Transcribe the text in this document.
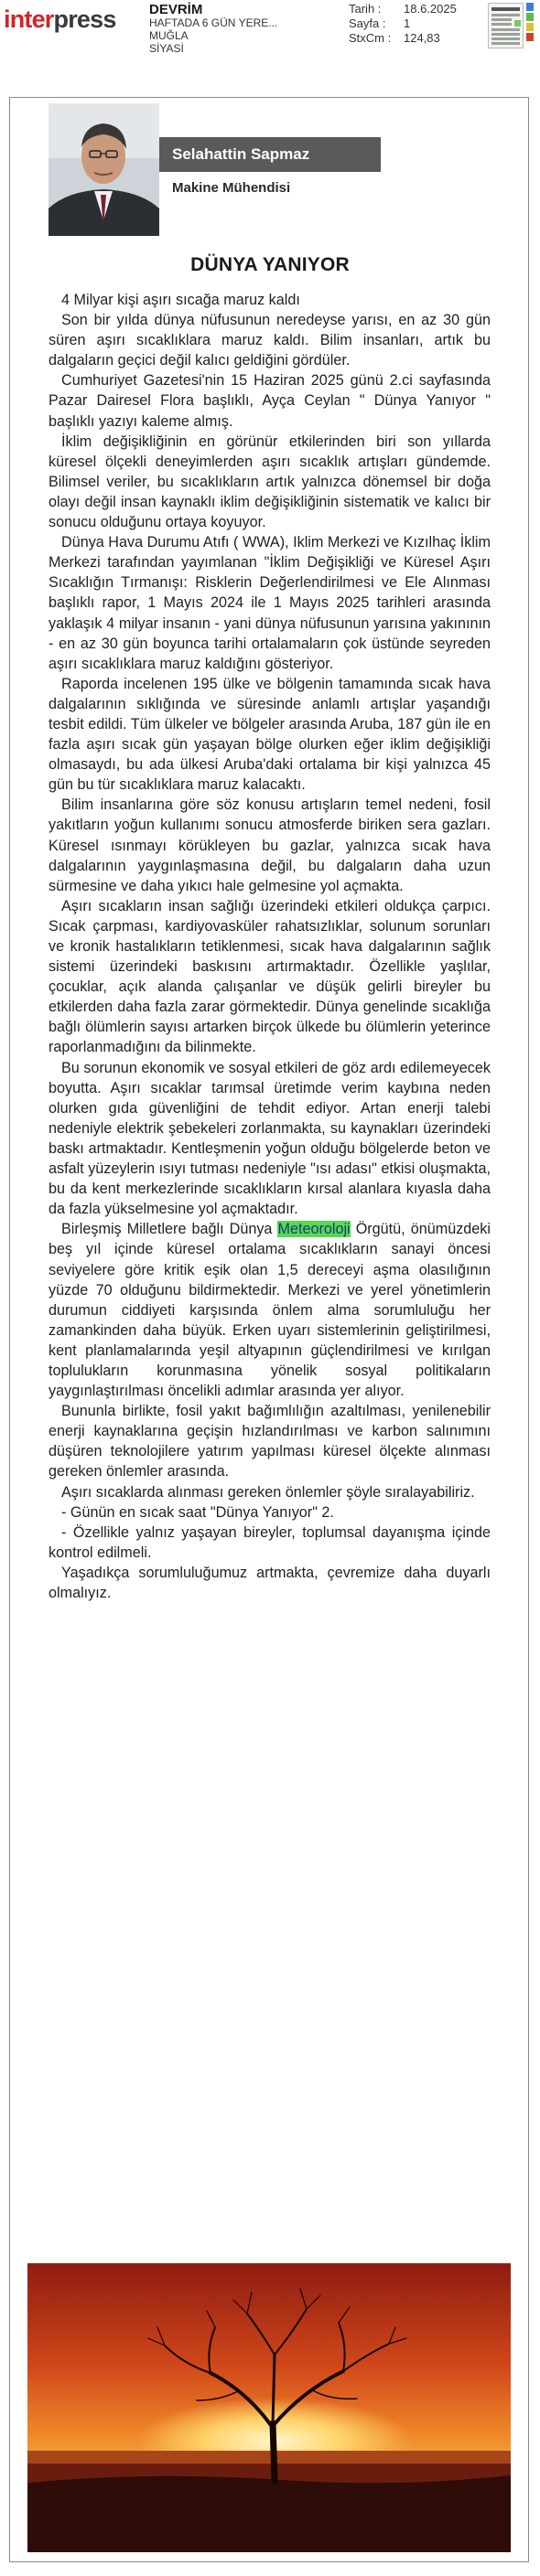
interpress DEVRİM
HAFTADA 6 GÜN YERE...
MUĞLA
SİYASİ
Tarih :	18.6.2025
Sayfa :	1
StxCm :	124,83
Selahattin Sapmaz
Makine Mühendisi
DÜNYA YANIYOR

4 Milyar kişi aşırı sıcağa maruz kaldı

Son bir yılda dünya nüfusunun neredeyse yarısı, en az 30 gün süren aşırı sıcaklıklara maruz kaldı. Bilim insanları, artık bu dalgaların geçici değil kalıcı geldiğini gördüler.

Cumhuriyet Gazetesi'nin 15 Haziran 2025 günü 2.ci sayfasında Pazar Dairesel Flora başlıklı, Ayça Ceylan " Dünya Yanıyor " başlıklı yazıyı kaleme almış.

İklim değişikliğinin en görünür etkilerinden biri son yıllarda küresel ölçekli deneyimlerden aşırı sıcaklık artışları gündemde. Bilimsel veriler, bu sıcaklıkların artık yalnızca dönemsel bir doğa olayı değil insan kaynaklı iklim değişikliğinin sistematik ve kalıcı bir sonucu olduğunu ortaya koyuyor.

Dünya Hava Durumu Atıfı ( WWA), Iklim Merkezi ve Kızılhaç İklim Merkezi tarafından yayımlanan "İklim Değişikliği ve Küresel Aşırı Sıcaklığın Tırmanışı: Risklerin Değerlendirilmesi ve Ele Alınması başlıklı rapor, 1 Mayıs 2024 ile 1 Mayıs 2025 tarihleri arasında yaklaşık 4 milyar insanın - yani dünya nüfusunun yarısına yakınının - en az 30 gün boyunca tarihi ortalamaların çok üstünde seyreden aşırı sıcaklıklara maruz kaldığını gösteriyor.

Raporda incelenen 195 ülke ve bölgenin tamamında sıcak hava dalgalarının sıklığında ve süresinde anlamlı artışlar yaşandığı tesbit edildi. Tüm ülkeler ve bölgeler arasında Aruba, 187 gün ile en fazla aşırı sıcak gün yaşayan bölge olurken eğer iklim değişikliği olmasaydı, bu ada ülkesi Aruba'daki ortalama bir kişi yalnızca 45 gün bu tür sıcaklıklara maruz kalacaktı.

Bilim insanlarına göre söz konusu artışların temel nedeni, fosil yakıtların yoğun kullanımı sonucu atmosferde biriken sera gazları. Küresel ısınmayı körükleyen bu gazlar, yalnızca sıcak hava dalgalarının yaygınlaşmasına değil, bu dalgaların daha uzun sürmesine ve daha yıkıcı hale gelmesine yol açmakta.

Aşırı sıcakların insan sağlığı üzerindeki etkileri oldukça çarpıcı. Sıcak çarpması, kardiyovasküler rahatsızlıklar, solunum sorunları ve kronik hastalıkların tetiklenmesi, sıcak hava dalgalarının sağlık sistemi üzerindeki baskısını artırmaktadır. Özellikle yaşlılar, çocuklar, açık alanda çalışanlar ve düşük gelirli bireyler bu etkilerden daha fazla zarar görmektedir. Dünya genelinde sıcaklığa bağlı ölümlerin sayısı artarken birçok ülkede bu ölümlerin yeterince raporlanmadığını da bilinmekte.

Bu sorunun ekonomik ve sosyal etkileri de göz ardı edilemeyecek boyutta. Aşırı sıcaklar tarımsal üretimde verim kaybına neden olurken gıda güvenliğini de tehdit ediyor. Artan enerji talebi nedeniyle elektrik şebekeleri zorlanmakta, su kaynakları üzerindeki baskı artmaktadır. Kentleşmenin yoğun olduğu bölgelerde beton ve asfalt yüzeylerin ısıyı tutması nedeniyle "ısı adası" etkisi oluşmakta, bu da kent merkezlerinde sıcaklıkların kırsal alanlara kıyasla daha da fazla yükselmesine yol açmaktadır.

Birleşmiş Milletlere bağlı Dünya Meteoroloji Örgütü, önümüzdeki beş yıl içinde küresel ortalama sıcaklıkların sanayi öncesi seviyelere göre kritik eşik olan 1,5 dereceyi aşma olasılığının yüzde 70 olduğunu bildirmektedir. Merkezi ve yerel yönetimlerin durumun ciddiyeti karşısında önlem alma sorumluluğu her zamankinden daha büyük. Erken uyarı sistemlerinin geliştirilmesi, kent planlamalarında yeşil altyapının güçlendirilmesi ve kırılgan toplulukların korunmasına yönelik sosyal politikaların yaygınlaştırılması öncelikli adımlar arasında yer alıyor.

Bununla birlikte, fosil yakıt bağımlılığın azaltılması, yenilenebilir enerji kaynaklarına geçişin hızlandırılması ve karbon salınımını düşüren teknolojilere yatırım yapılması küresel ölçekte alınması gereken önlemler arasında.

Aşırı sıcaklarda alınması gereken önlemler şöyle sıralayabiliriz.

- Günün en sıcak saat "Dünya Yanıyor" 2.

- Özellikle yalnız yaşayan bireyler, toplumsal dayanışma içinde kontrol edilmeli.

Yaşadıkça sorumluluğumuz artmakta, çevremize daha duyarlı olmalıyız.
